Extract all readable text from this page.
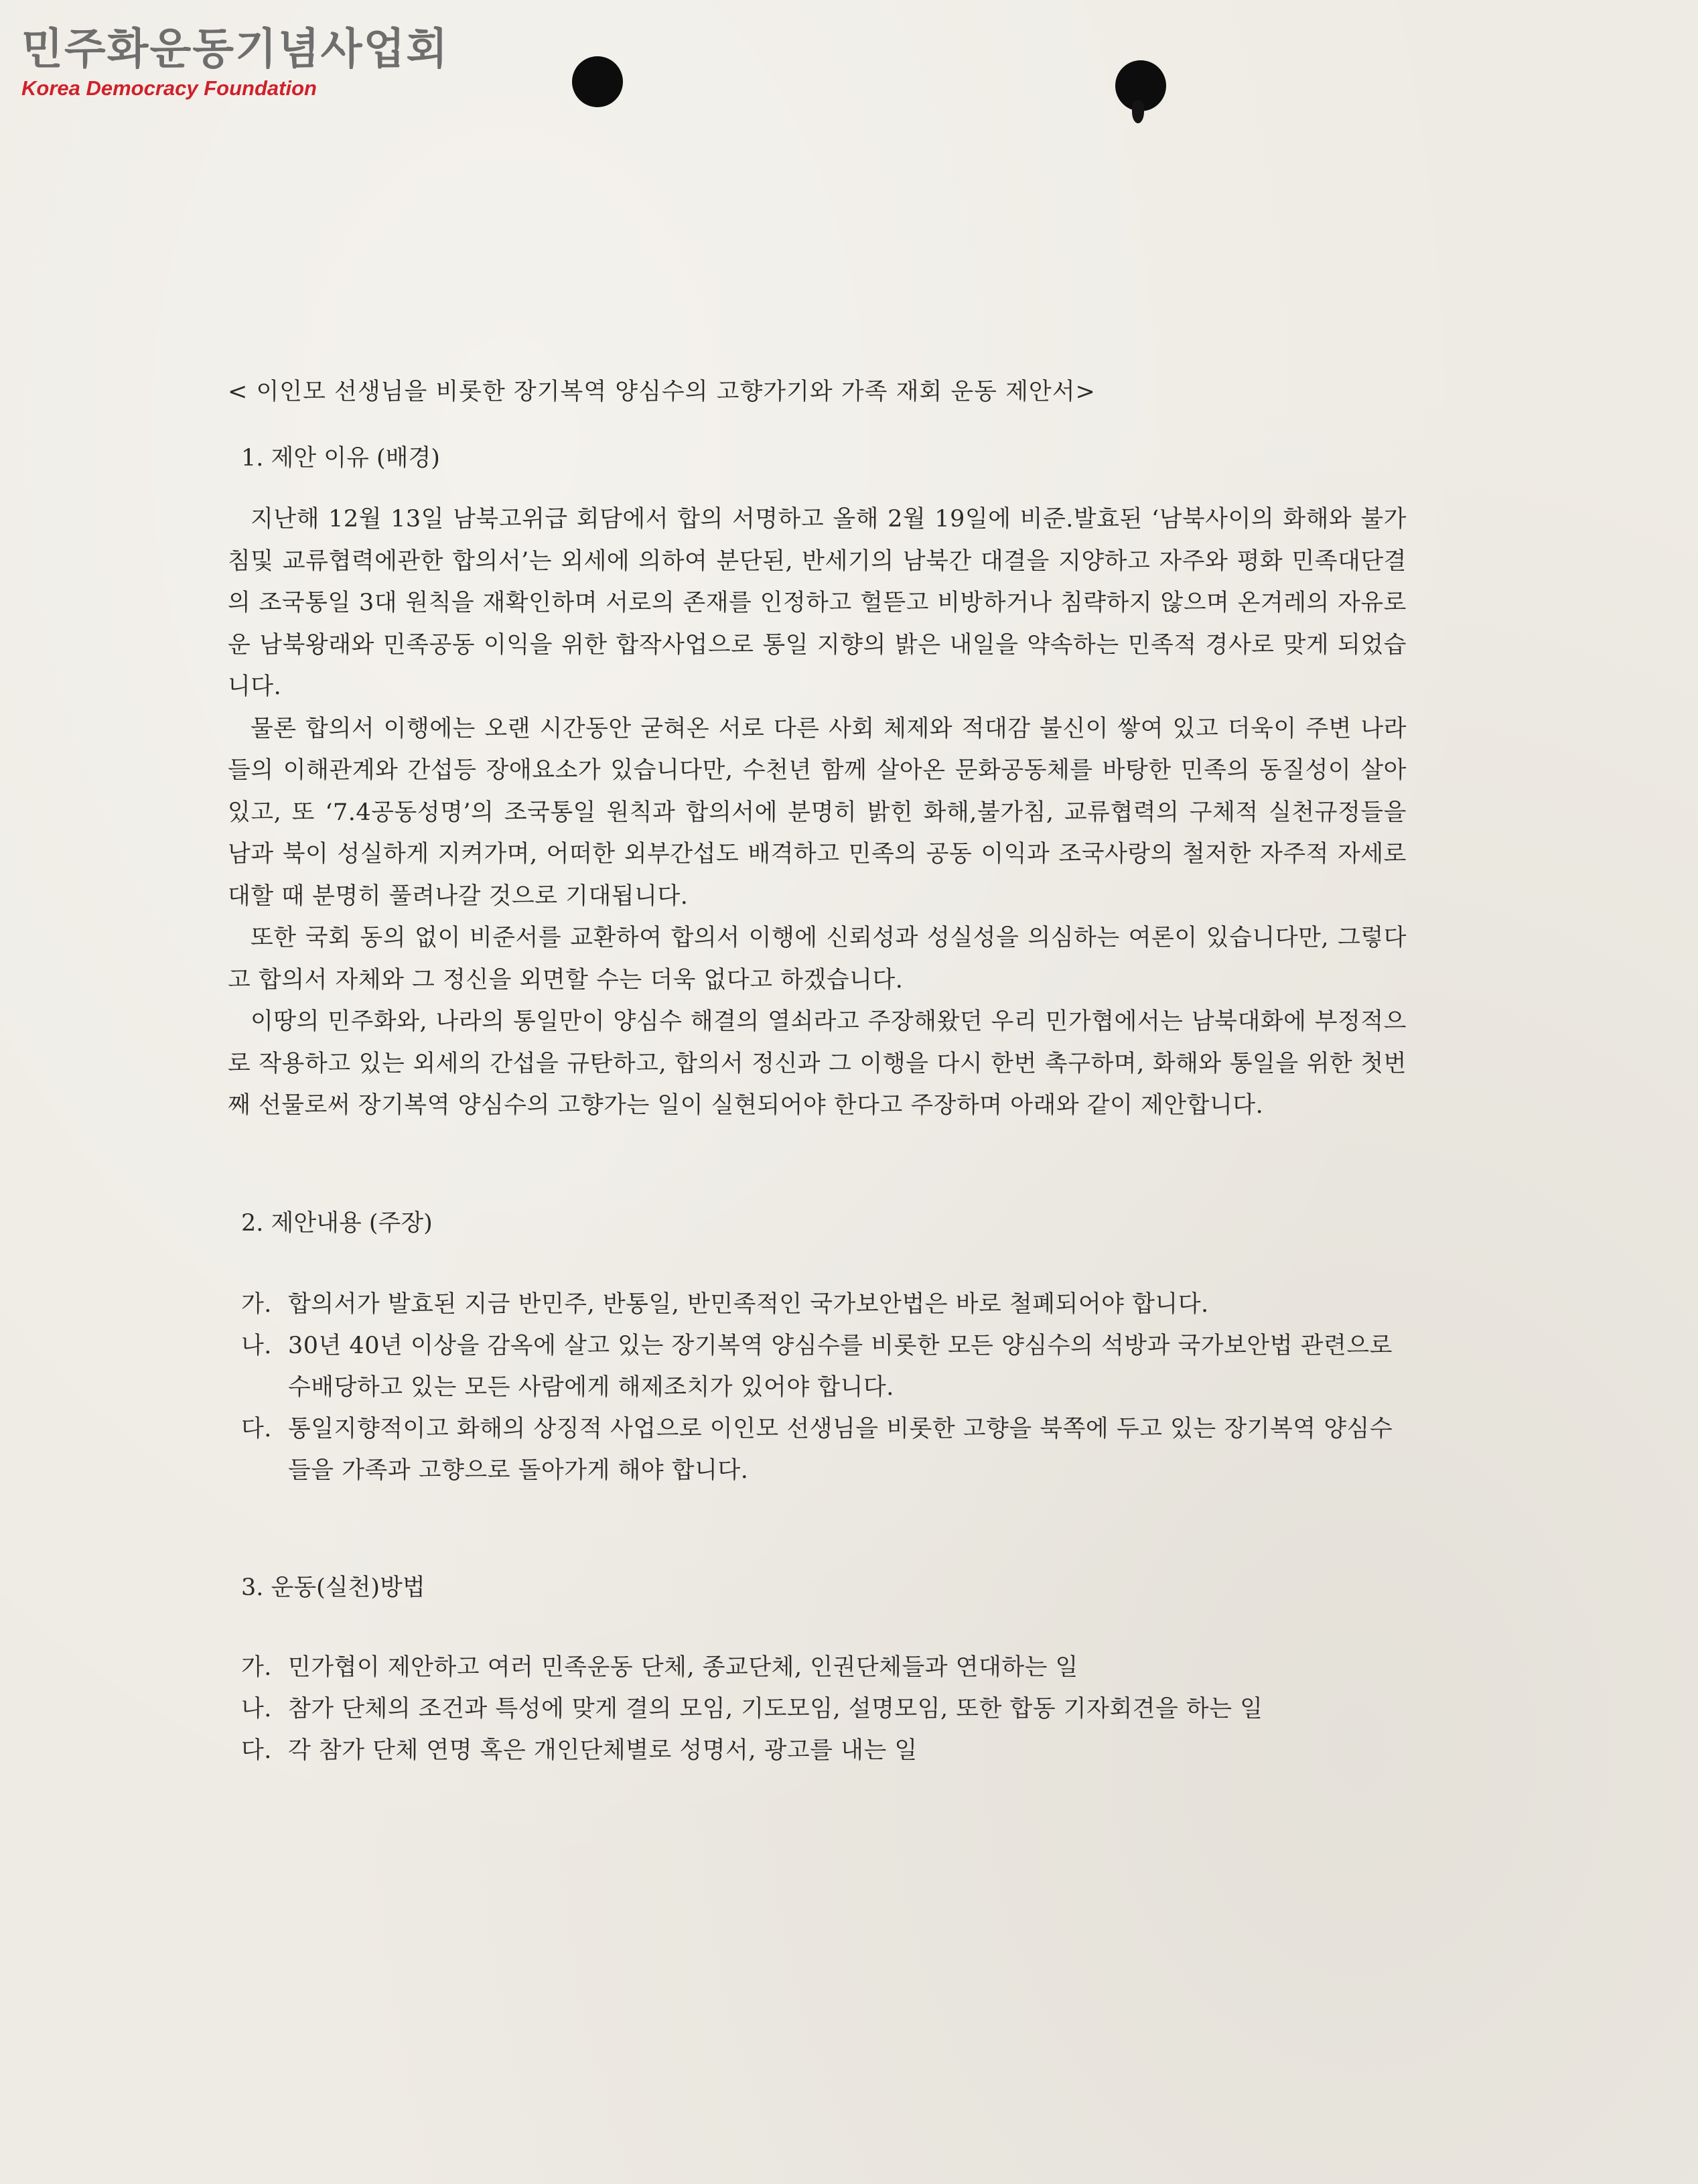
민주화운동기념사업회
Korea Democracy Foundation

< 이인모 선생님을 비롯한 장기복역 양심수의 고향가기와 가족 재회 운동 제안서>

1. 제안 이유 (배경)

지난해 12월 13일 남북고위급 회담에서 합의 서명하고 올해 2월 19일에 비준.발효된 ‘남북사이의 화해와 불가침및 교류협력에관한 합의서’는 외세에 의하여 분단된, 반세기의 남북간 대결을 지양하고 자주와 평화 민족대단결의 조국통일 3대 원칙을 재확인하며 서로의 존재를 인정하고 헐뜯고 비방하거나 침략하지 않으며 온겨레의 자유로운 남북왕래와 민족공동 이익을 위한 합작사업으로 통일 지향의 밝은 내일을 약속하는 민족적 경사로 맞게 되었습니다.

물론 합의서 이행에는 오랜 시간동안 굳혀온 서로 다른 사회 체제와 적대감 불신이 쌓여 있고 더욱이 주변 나라들의 이해관계와 간섭등 장애요소가 있습니다만, 수천년 함께 살아온 문화공동체를 바탕한 민족의 동질성이 살아있고, 또 ‘7.4공동성명’의 조국통일 원칙과 합의서에 분명히 밝힌 화해,불가침, 교류협력의 구체적 실천규정들을 남과 북이 성실하게 지켜가며, 어떠한 외부간섭도 배격하고 민족의 공동 이익과 조국사랑의 철저한 자주적 자세로 대할 때 분명히 풀려나갈 것으로 기대됩니다.

또한 국회 동의 없이 비준서를 교환하여 합의서 이행에 신뢰성과 성실성을 의심하는 여론이 있습니다만, 그렇다고 합의서 자체와 그 정신을 외면할 수는 더욱 없다고 하겠습니다.

이땅의 민주화와, 나라의 통일만이 양심수 해결의 열쇠라고 주장해왔던 우리 민가협에서는 남북대화에 부정적으로 작용하고 있는 외세의 간섭을 규탄하고, 합의서 정신과 그 이행을 다시 한번 촉구하며, 화해와 통일을 위한 첫번째 선물로써 장기복역 양심수의 고향가는 일이 실현되어야 한다고 주장하며 아래와 같이 제안합니다.

2. 제안내용 (주장)

가. 합의서가 발효된 지금 반민주, 반통일, 반민족적인 국가보안법은 바로 철폐되어야 합니다.
나. 30년 40년 이상을 감옥에 살고 있는 장기복역 양심수를 비롯한 모든 양심수의 석방과 국가보안법 관련으로 수배당하고 있는 모든 사람에게 해제조치가 있어야 합니다.
다. 통일지향적이고 화해의 상징적 사업으로 이인모 선생님을 비롯한 고향을 북쪽에 두고 있는 장기복역 양심수들을 가족과 고향으로 돌아가게 해야 합니다.

3. 운동(실천)방법

가. 민가협이 제안하고 여러 민족운동 단체, 종교단체, 인권단체들과 연대하는 일
나. 참가 단체의 조건과 특성에 맞게 결의 모임, 기도모임, 설명모임, 또한 합동 기자회견을 하는 일
다. 각 참가 단체 연명 혹은 개인단체별로 성명서, 광고를 내는 일
